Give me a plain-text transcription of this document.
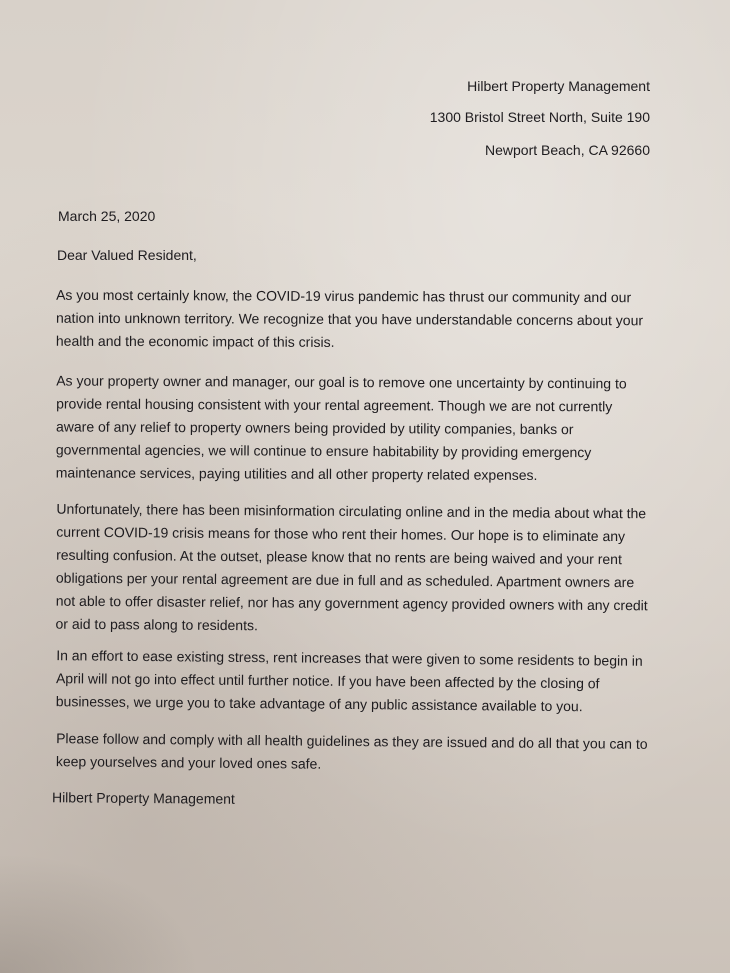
Hilbert Property Management
1300 Bristol Street North, Suite 190
Newport Beach, CA 92660
March 25, 2020
Dear Valued Resident,
As you most certainly know, the COVID-19 virus pandemic has thrust our community and our nation into unknown territory. We recognize that you have understandable concerns about your health and the economic impact of this crisis.
As your property owner and manager, our goal is to remove one uncertainty by continuing to provide rental housing consistent with your rental agreement. Though we are not currently aware of any relief to property owners being provided by utility companies, banks or governmental agencies, we will continue to ensure habitability by providing emergency maintenance services, paying utilities and all other property related expenses.
Unfortunately, there has been misinformation circulating online and in the media about what the current COVID-19 crisis means for those who rent their homes. Our hope is to eliminate any resulting confusion. At the outset, please know that no rents are being waived and your rent obligations per your rental agreement are due in full and as scheduled. Apartment owners are not able to offer disaster relief, nor has any government agency provided owners with any credit or aid to pass along to residents.
In an effort to ease existing stress, rent increases that were given to some residents to begin in April will not go into effect until further notice. If you have been affected by the closing of businesses, we urge you to take advantage of any public assistance available to you.
Please follow and comply with all health guidelines as they are issued and do all that you can to keep yourselves and your loved ones safe.
Hilbert Property Management
